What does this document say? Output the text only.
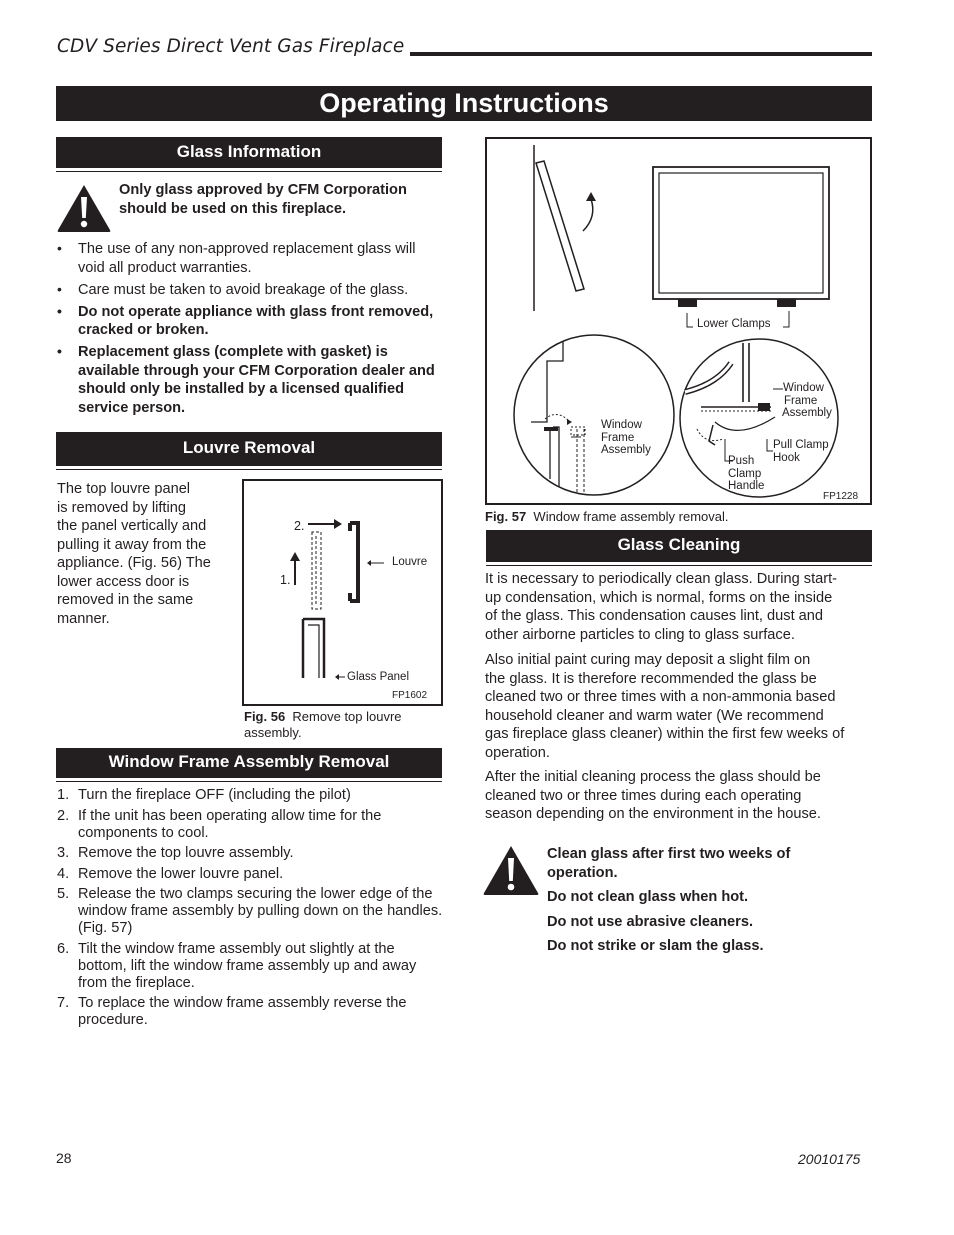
CDV Series Direct Vent Gas Fireplace
Operating Instructions
Glass Information
Only glass approved by CFM Corporation
should be used on this fireplace.
• The use of any non-approved replacement glass will void all product warranties.
• Care must be taken to avoid breakage of the glass.
• Do not operate appliance with glass front removed, cracked or broken.
• Replacement glass (complete with gasket) is available through your CFM Corporation dealer and should only be installed by a licensed qualified service person.
Louvre Removal
The top louvre panel
is removed by lifting
the panel vertically and
pulling it away from the
appliance. (Fig. 56) The
lower access door is
removed in the same
manner.
2.
1.
Louvre
Glass Panel
FP1602
Fig. 56 Remove top louvre
assembly.
Window Frame Assembly Removal
1. Turn the fireplace OFF (including the pilot)
2. If the unit has been operating allow time for the components to cool.
3. Remove the top louvre assembly.
4. Remove the lower louvre panel.
5. Release the two clamps securing the lower edge of the window frame assembly by pulling down on the handles. (Fig. 57)
6. Tilt the window frame assembly out slightly at the bottom, lift the window frame assembly up and away from the fireplace.
7. To replace the window frame assembly reverse the procedure.
Lower Clamps
Window
Frame
Assembly
Window
Frame
Assembly
Pull Clamp
Hook
Push
Clamp
Handle
FP1228
Fig. 57 Window frame assembly removal.
Glass Cleaning
It is necessary to periodically clean glass. During start-
up condensation, which is normal, forms on the inside
of the glass. This condensation causes lint, dust and
other airborne particles to cling to glass surface.
Also initial paint curing may deposit a slight film on
the glass. It is therefore recommended the glass be
cleaned two or three times with a non-ammonia based
household cleaner and warm water (We recommend
gas fireplace glass cleaner) within the first few weeks of
operation.
After the initial cleaning process the glass should be
cleaned two or three times during each operating
season depending on the environment in the house.
Clean glass after first two weeks of
operation.
Do not clean glass when hot.
Do not use abrasive cleaners.
Do not strike or slam the glass.
28	20010175
